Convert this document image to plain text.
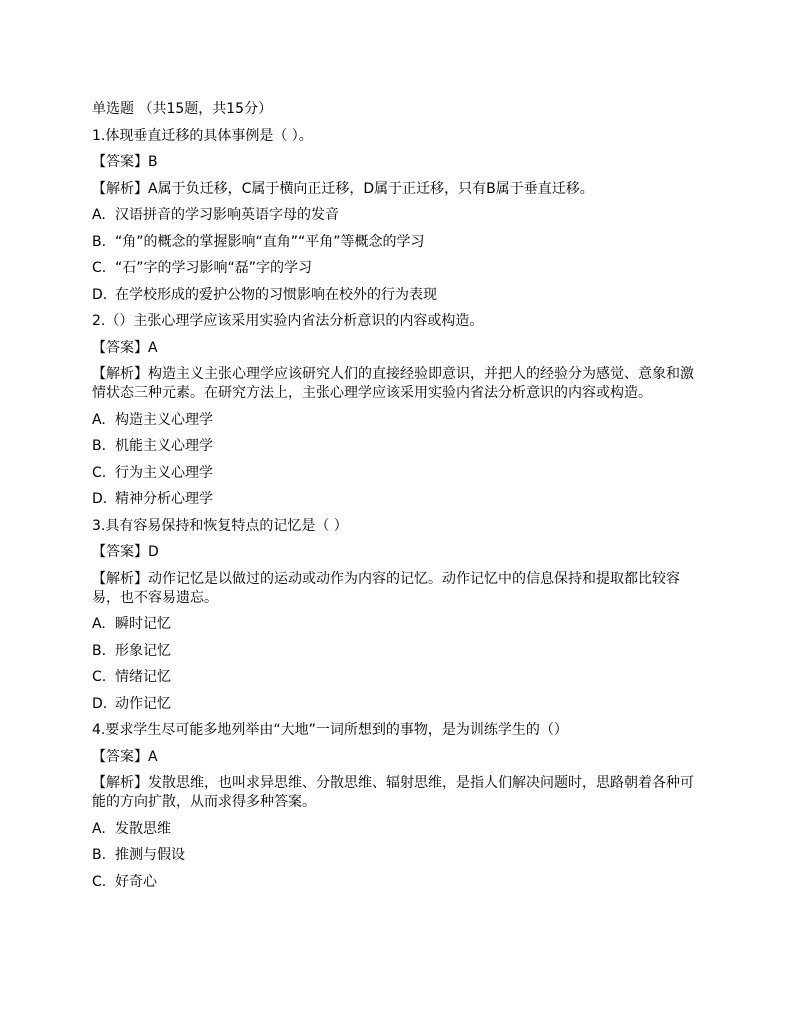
单选题 （共15题，共15分）
1.体现垂直迁移的具体事例是（ ）。
【答案】B
【解析】A属于负迁移，C属于横向正迁移，D属于正迁移，只有B属于垂直迁移。
A. 汉语拼音的学习影响英语字母的发音
B. “角”的概念的掌握影响“直角”“平角”等概念的学习
C. “石”字的学习影响“磊”字的学习
D. 在学校形成的爱护公物的习惯影响在校外的行为表现
2.（）主张心理学应该采用实验内省法分析意识的内容或构造。
【答案】A
【解析】构造主义主张心理学应该研究人们的直接经验即意识，并把人的经验分为感觉、意象和激情状态三种元素。在研究方法上，主张心理学应该采用实验内省法分析意识的内容或构造。
A. 构造主义心理学
B. 机能主义心理学
C. 行为主义心理学
D. 精神分析心理学
3.具有容易保持和恢复特点的记忆是（ ）
【答案】D
【解析】动作记忆是以做过的运动或动作为内容的记忆。动作记忆中的信息保持和提取都比较容易，也不容易遗忘。
A. 瞬时记忆
B. 形象记忆
C. 情绪记忆
D. 动作记忆
4.要求学生尽可能多地列举由“大地”一词所想到的事物，是为训练学生的（）
【答案】A
【解析】发散思维，也叫求异思维、分散思维、辐射思维，是指人们解决问题时，思路朝着各种可能的方向扩散，从而求得多种答案。
A. 发散思维
B. 推测与假设
C. 好奇心
